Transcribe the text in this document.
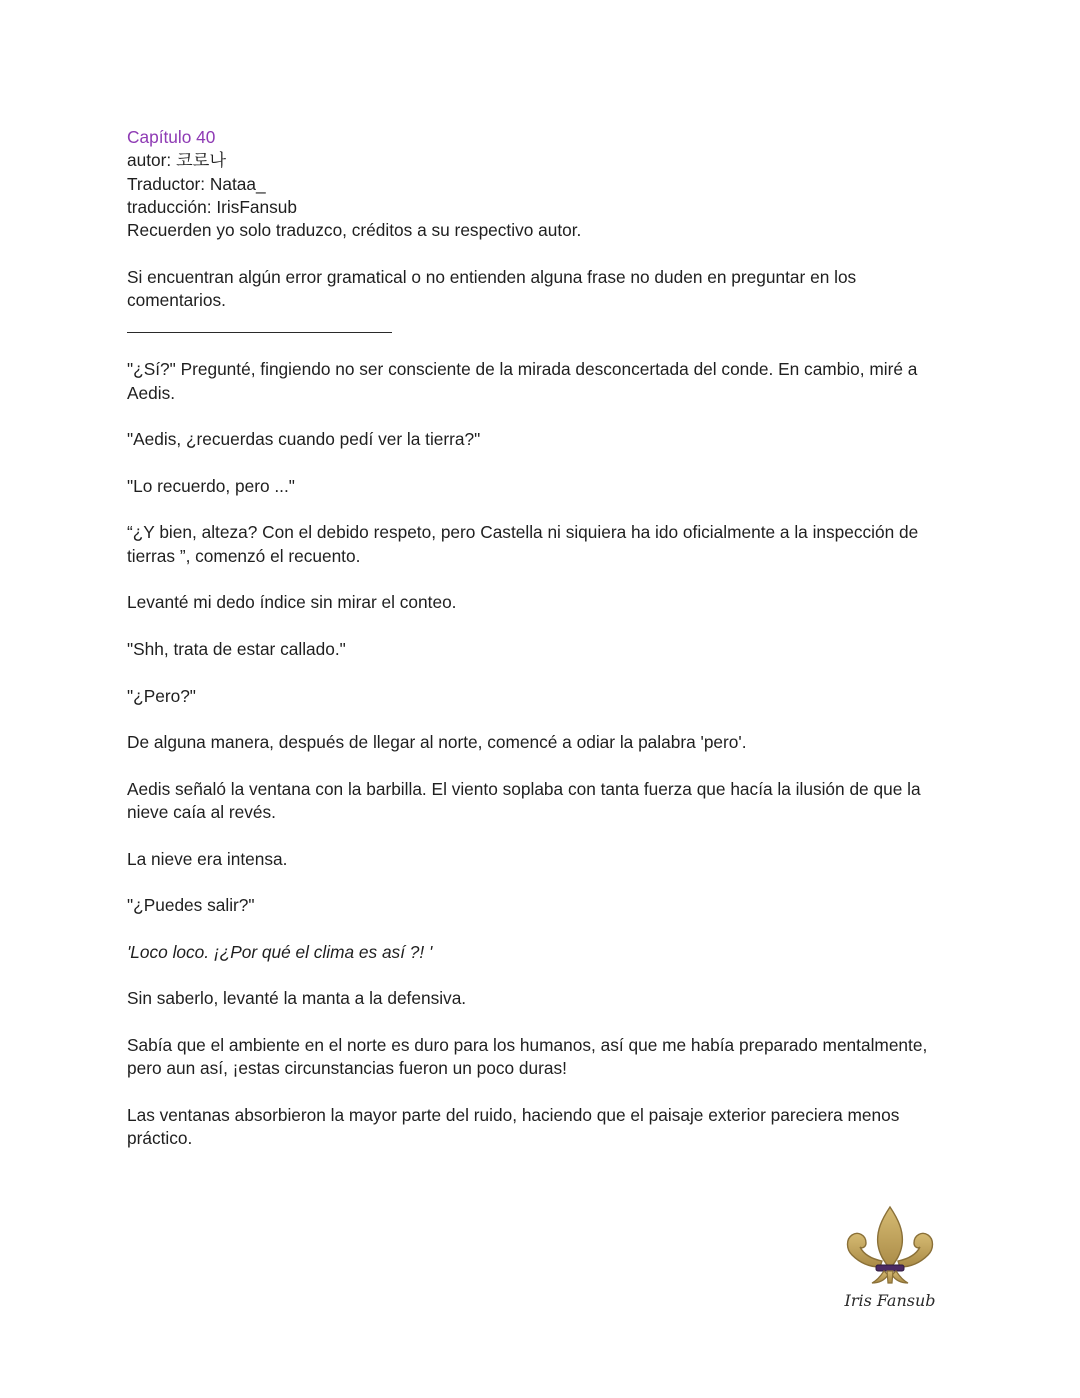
Capítulo 40

autor: 코로나

Traductor: Nataa_

traducción: IrisFansub

Recuerden yo solo traduzco, créditos a su respectivo autor.

Si encuentran algún error gramatical o no entienden alguna frase no duden en preguntar en los comentarios.

"¿Sí?" Pregunté, fingiendo no ser consciente de la mirada desconcertada del conde. En cambio, miré a Aedis.

"Aedis, ¿recuerdas cuando pedí ver la tierra?"

"Lo recuerdo, pero ..."

“¿Y bien, alteza? Con el debido respeto, pero Castella ni siquiera ha ido oficialmente a la inspección de tierras ”, comenzó el recuento.

Levanté mi dedo índice sin mirar el conteo.

"Shh, trata de estar callado."

"¿Pero?"

De alguna manera, después de llegar al norte, comencé a odiar la palabra 'pero'.

Aedis señaló la ventana con la barbilla. El viento soplaba con tanta fuerza que hacía la ilusión de que la nieve caía al revés.

La nieve era intensa.

"¿Puedes salir?"

'Loco loco. ¡¿Por qué el clima es así ?! '

Sin saberlo, levanté la manta a la defensiva.

Sabía que el ambiente en el norte es duro para los humanos, así que me había preparado mentalmente, pero aun así, ¡estas circunstancias fueron un poco duras!

Las ventanas absorbieron la mayor parte del ruido, haciendo que el paisaje exterior pareciera menos práctico.

Iris Fansub
